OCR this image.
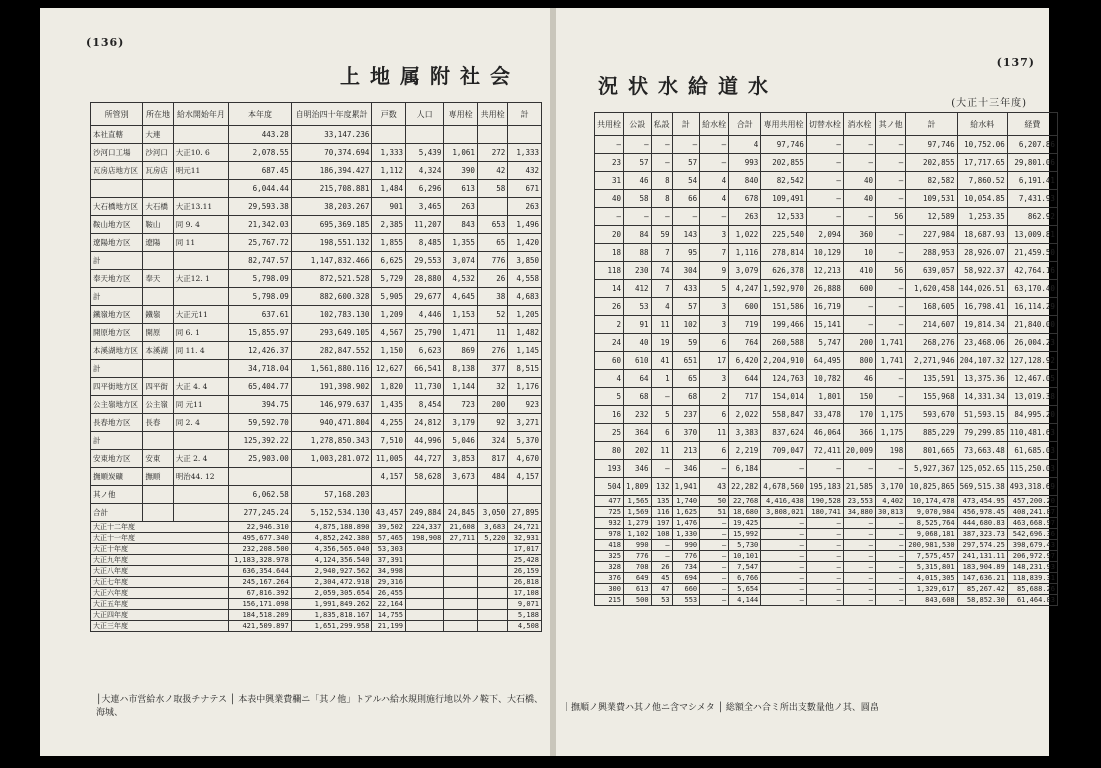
(136)
上地属附社会
所管別	所在地	給水開始年月	本年度	自明治四十年度累計	戸数	人口	専用栓	共用栓	計
本社直轄	大連		443.28	33,147.236					
沙河口工場	沙河口	大正10. 6	2,078.55	70,374.694	1,333	5,439	1,061	272	1,333
瓦房店地方区	瓦房店	明元11	687.45	186,394.427	1,112	4,324	390	42	432
			6,044.44	215,708.881	1,484	6,296	613	58	671
大石橋地方区	大石橋	大正13.11	29,593.38	38,203.267	901	3,465	263		263
鞍山地方区	鞍山	同 9. 4	21,342.03	695,369.185	2,385	11,207	843	653	1,496
遼陽地方区	遼陽	同 11	25,767.72	198,551.132	1,855	8,485	1,355	65	1,420
計			82,747.57	1,147,832.466	6,625	29,553	3,074	776	3,850
奉天地方区	奉天	大正12. 1	5,798.09	872,521.528	5,729	28,880	4,532	26	4,558
計			5,798.09	882,600.328	5,905	29,677	4,645	38	4,683
鐵嶺地方区	鐵嶺	大正元11	637.61	102,783.130	1,209	4,446	1,153	52	1,205
開原地方区	開原	同 6. 1	15,855.97	293,649.105	4,567	25,790	1,471	11	1,482
本溪湖地方区	本溪湖	同 11. 4	12,426.37	282,847.552	1,150	6,623	869	276	1,145
計			34,718.04	1,561,880.116	12,627	66,541	8,138	377	8,515
四平街地方区	四平街	大正 4. 4	65,404.77	191,398.902	1,820	11,730	1,144	32	1,176
公主嶺地方区	公主嶺	同 元11	394.75	146,979.637	1,435	8,454	723	200	923
長春地方区	長春	同 2. 4	59,592.70	940,471.804	4,255	24,812	3,179	92	3,271
計			125,392.22	1,278,850.343	7,510	44,996	5,046	324	5,370
安東地方区	安東	大正 2. 4	25,903.00	1,003,281.072	11,005	44,727	3,853	817	4,670
撫順炭礦	撫順	明治44. 12			4,157	58,628	3,673	484	4,157
其ノ他			6,062.58	57,168.203					
合計			277,245.24	5,152,534.130	43,457	249,884	24,845	3,050	27,895
大正十二年度			22,946.310	4,875,188.890	39,502	224,337	21,608	3,683	24,721
大正十一年度			495,677.340	4,852,242.380	57,465	198,908	27,711	5,220	32,931
大正十年度			232,208.500	4,356,565.040	53,303				17,017
大正九年度			1,183,328.978	4,124,356.540	37,391				25,428
大正八年度			636,354.644	2,940,927.562	34,998				26,159
大正七年度			245,167.264	2,304,472.918	29,316				26,818
大正六年度			67,816.392	2,059,305.654	26,455				17,108
大正五年度			156,171.098	1,991,849.262	22,164				9,071
大正四年度			184,518.209	1,835,818.167	14,755				5,188
大正三年度			421,509.897	1,651,299.958	21,199				4,508
│大連ハ市営給水ノ取扱チナテス │ 本表中興業費欄ニ「其ノ他」トアルハ給水規則施行地以外ノ鞍下、大石橋、海城、
(137)
況状水給道水
(大正十三年度)
共用栓	公設	私設	計	給水栓	合計	専用共用栓	切替水栓	消水栓	其ノ他	計	給水料	経費
—	—	—	—	—	4	97,746	—	—	—	97,746	10,752.06	6,207.86
23	57	—	57	—	993	202,855	—	—	—	202,855	17,717.65	29,801.06
31	46	8	54	4	840	82,542	—	40	—	82,582	7,860.52	6,191.41
40	58	8	66	4	678	109,491	—	40	—	109,531	10,054.85	7,431.93
—	—	—	—	—	263	12,533	—	—	56	12,589	1,253.35	862.92
20	84	59	143	3	1,022	225,540	2,094	360	—	227,984	18,687.93	13,009.81
18	88	7	95	7	1,116	278,814	10,129	10	—	288,953	28,926.07	21,459.50
118	230	74	304	9	3,079	626,378	12,213	410	56	639,057	58,922.37	42,764.16
14	412	7	433	5	4,247	1,592,970	26,888	600	—	1,620,458	144,026.51	63,170.40
26	53	4	57	3	600	151,586	16,719	—	—	168,605	16,798.41	16,114.29
2	91	11	102	3	719	199,466	15,141	—	—	214,607	19,814.34	21,840.00
24	40	19	59	6	764	260,588	5,747	200	1,741	268,276	23,468.06	26,004.23
60	610	41	651	17	6,420	2,204,910	64,495	800	1,741	2,271,946	204,107.32	127,128.92
4	64	1	65	3	644	124,763	10,782	46	—	135,591	13,375.36	12,467.05
5	68	—	68	2	717	154,014	1,801	150	—	155,968	14,331.34	13,019.38
16	232	5	237	6	2,022	558,847	33,478	170	1,175	593,670	51,593.15	84,995.20
25	364	6	370	11	3,383	837,624	46,064	366	1,175	885,229	79,299.85	110,481.63
80	202	11	213	6	2,219	709,047	72,411	20,009	198	801,665	73,663.48	61,685.03
193	346	—	346	—	6,184	—	—	—	—	5,927,367	125,052.65	115,250.03
504	1,809	132	1,941	43	22,282	4,678,560	195,183	21,585	3,170	10,825,865	569,515.38	493,318.69
477	1,565	135	1,740	50	22,768	4,416,438	190,528	23,553	4,402	10,174,478	473,454.95	457,200.20
725	1,569	116	1,625	51	18,680	3,808,021	180,741	34,880	30,813	9,070,984	456,978.45	408,241.87
932	1,279	197	1,476	—	19,425	—	—	—	—	8,525,764	444,680.83	463,668.97
978	1,102	108	1,330	—	15,992	—	—	—	—	9,068,181	387,323.73	542,696.36
418	990	—	990	—	5,730	—	—	—	—	200,981,530	297,574.25	398,679.43
325	776	—	776	—	10,101	—	—	—	—	7,575,457	241,131.11	206,972.97
328	708	26	734	—	7,547	—	—	—	—	5,315,801	183,904.89	148,231.93
376	649	45	694	—	6,766	—	—	—	—	4,015,305	147,636.21	118,839.31
300	613	47	660	—	5,654	—	—	—	—	1,329,617	85,267.42	85,688.26
215	500	53	553	—	4,144	—	—	—	—	843,608	58,852.30	61,464.83
｜撫順ノ興業費ハ其ノ他ニ含マシメタ │ 総額全ハ合ミ所出支數量他ノ其、圓畠
